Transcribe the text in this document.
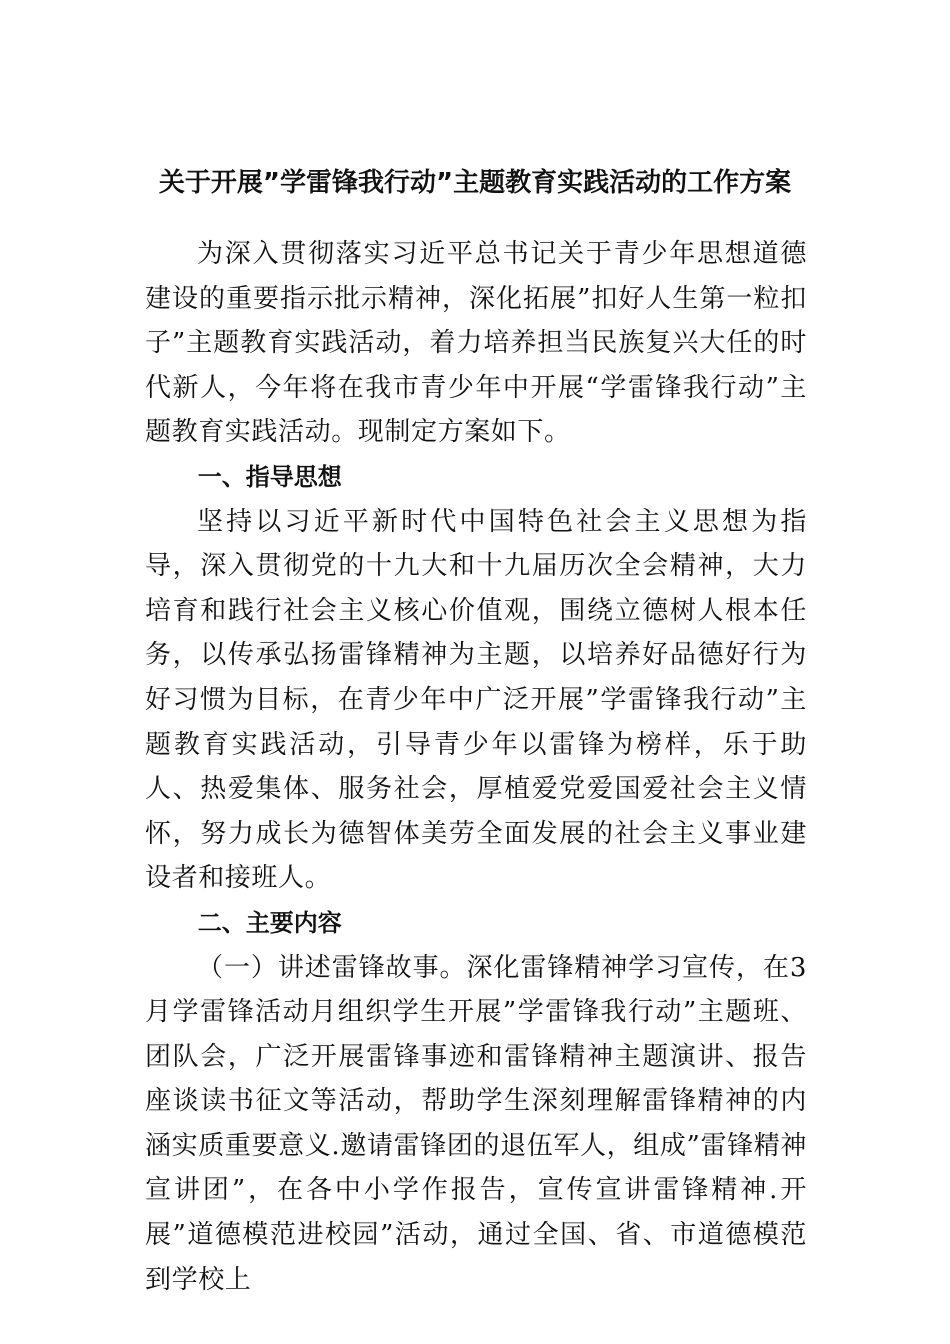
关于开展”学雷锋我行动”主题教育实践活动的工作方案

为深入贯彻落实习近平总书记关于青少年思想道德建设的重要指示批示精神，深化拓展”扣好人生第一粒扣子”主题教育实践活动，着力培养担当民族复兴大任的时代新人，今年将在我市青少年中开展“学雷锋我行动”主题教育实践活动。现制定方案如下。

一、指导思想

坚持以习近平新时代中国特色社会主义思想为指导，深入贯彻党的十九大和十九届历次全会精神，大力培育和践行社会主义核心价值观，围绕立德树人根本任务，以传承弘扬雷锋精神为主题，以培养好品德好行为好习惯为目标，在青少年中广泛开展”学雷锋我行动”主题教育实践活动，引导青少年以雷锋为榜样，乐于助人、热爱集体、服务社会，厚植爱党爱国爱社会主义情怀，努力成长为德智体美劳全面发展的社会主义事业建设者和接班人。

二、主要内容

（一）讲述雷锋故事。深化雷锋精神学习宣传，在3月学雷锋活动月组织学生开展”学雷锋我行动”主题班、团队会，广泛开展雷锋事迹和雷锋精神主题演讲、报告座谈读书征文等活动，帮助学生深刻理解雷锋精神的内涵实质重要意义.邀请雷锋团的退伍军人，组成”雷锋精神宣讲团”，在各中小学作报告，宣传宣讲雷锋精神.开展”道德模范进校园”活动，通过全国、省、市道德模范到学校上
